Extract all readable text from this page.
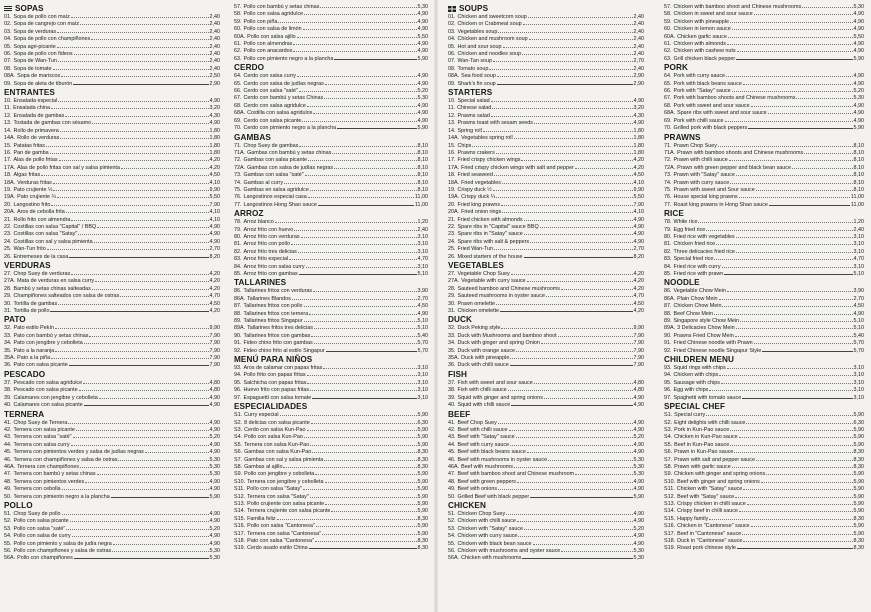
SOPAS
01. Sopa de pollo con maíz	2,40
02. Sopa de cangrejo con maíz	2,40
03. Sopa de verduras	2,40
04. Sopa de pollo con champiñones	2,40
05. Sopa agri-picante	2,40
06. Sopa de pollo con fideos	2,40
07. Sopa de Wan-Tun	2,40
08. Sopa de tomate	2,40
08A. Sopa de mariscos	2,50
09. Sopa de aleta de tiburón	2,90
ENTRANTES
10. Ensalada especial	4,90
11. Ensalada china	3,20
12. Ensalada de gambas	4,30
13. Tostada de gambas con sésamo	4,90
14. Rollo de primavera	1,80
14A. Rollo de verduras	1,80
15. Patatas fritas	1,80
16. Pan de gamba	1,80
17. Alas de pollo fritas	4,20
17A. Alas de pollo fritas con sal y salsa pimienta	4,20
18. Algas fritas	4,50
18A. Verduras fritas	4,10
19. Pato crujiente ½	9,90
19A. Pato crujiente ¼	5,50
20. Langostino frito	7,90
20A. Aros de cebolla frita	4,10
21. Rollo frito con almendra	4,10
22. Costillas con salsa "Capital" / BBQ	4,90
23. Costillas con salsa "Satay"	4,90
24. Costillas con sal y salsa pimienta	4,90
25. Wan-Tun frito	2,70
26. Entremeses de la casa	8,20
VERDURAS
27. Chop Suey de verduras	4,20
27A. Mata de verduras en salsa curry	4,20
28. Bambú y setas chinas salteadas	4,20
29. Champiñones salteados con salsa de ostras	4,70
30. Tortilla de gambas	4,50
31. Tortilla de pollo	4,20
PATO
32. Pato estilo Pekín	9,90
33. Pato con bambú y setas chinas	7,90
34. Pato con jengibre y cebolleta	7,90
35. Pato a la naranja	7,90
35A. Pato a la piña	7,90
36. Pato con salsa picante	7,90
PESCADO
37. Pescado con salsa agridulce	4,80
38. Pescado con salsa picante	4,80
39. Calamares con jengibre y cebolleta	4,90
40. Calamares con salsa picante	4,90
TERNERA
41. Chop Suey de Ternera	4,90
42. Ternera con salsa picante	4,90
43. Ternera con salsa "saté"	5,20
44. Ternera con salsa curry	4,90
45. Ternera con pimientos verdes y salsa de judías negras	4,90
46. Ternera con champiñones y salsa de ostras	5,30
46A. Ternera con champiñones	5,30
47. Ternera con bambú y setas chinas	5,30
48. Ternera con pimientos verdes	4,90
49. Ternera con cebolla	4,90
50. Ternera con pimiento negro a la plancha	5,90
POLLO
51. Chop Suey de pollo	4,90
52. Pollo con salsa picante	4,90
53. Pollo con salsa "saté"	5,20
54. Pollo con salsa de curry	4,90
55. Pollo con pimiento y salsa de judía negra	4,90
56. Pollo con champiñones y salsa de ostras	5,30
56A. Pollo con champiñones	5,30
57. Pollo con bambú y setas chinas	5,30
58. Pollo con salsa agridulce	4,90
59. Pollo con piña	4,90
60. Pollo con salsa de limón	4,90
60A. Pollo con salsa ajillo	5,50
61. Pollo con almendras	4,90
62. Pollo con anacardos	4,90
63. Pollo con pimiento negro a la plancha	5,90
CERDO
64. Cerdo con salsa curry	4,90
65. Cerdo con salsa de judías negras	4,90
66. Cerdo con salsa "saté"	5,20
67. Cerdo con bambú y setas Chinas	5,30
68. Cerdo con salsa agridulce	4,90
68A. Costilla con salsa agridulce	4,90
69. Cerdo con salsa picante	4,90
70. Cerdo con pimiento negro a la plancha	5,90
GAMBAS
71. Chop Suey de gambas	8,10
71A. Gambas con bambú y setas chinas	8,10
72. Gambas con salsa picante	8,10
72A. Gambas con salsa de judías negras	8,10
73. Gambas con salsa "saté"	8,10
74. Gambas al curry	8,10
75. Gambas en salsa agridulce	8,10
76. Langostinos especial casa	11,00
77. Langostinos Hong Shao sauce	11,00
ARROZ
78. Arroz blanco	1,20
79. Arroz frito con huevo	2,40
80. Arroz frito con verduras	3,10
81. Arroz frito con pollo	3,10
82. Arroz frito tres delicias	3,10
83. Arroz frito especial	4,70
84. Arroz frito con salsa curry	3,10
85. Arroz frito con gambas	5,10
TALLARINES
86. Tallarines fritos con verduras	3,90
86A. Tallarines Blandos	2,70
87. Tallarines fritos con pollo	4,50
88. Tallarines fritos con ternera	4,90
89. Tallarines fritos Singapur	5,10
89A. Tallarines fritos tres delicias	5,10
90. Tallarines fritos con gambas	5,40
91. Fideo chino frito con gambas	5,70
92. Fideo chino frito al estilo Singapur	5,70
MENÚ PARA NIÑOS
93. Aros de calamar con papas fritas	3,10
94. Pollo frito con papas fritas	3,10
95. Salchicha con papas fritas	3,10
96. Huevo frito con papas fritas	3,10
97. Espaguetti con salsa tomate	3,10
ESPECIALIDADES
S1. Curry especial	5,90
S2. 8 delicias con salsa picante	6,30
S3. Cerdo con salsa Kun-Pao	5,90
S4. Pollo con salsa Kun-Pao	5,90
S5. Ternera con salsa Kun-Pao	5,90
S6. Gambas con salsa Kun-Pao	8,30
S7. Gambas con sal y salsa pimienta	8,30
S8. Gambas al ajillo	8,30
S9. Pollo con jengibre y cebolleta	5,90
S10. Ternera con jengibre y cebolleta	5,90
S11. Pollo con salsa "Satay"	5,90
S12. Ternera con salsa "Satay"	5,90
S13. Pollo crujiente con salsa picante	5,90
S14. Ternera crujiente con salsa picante	5,90
S15. Familia feliz	8,30
S16. Pollo con salsa "Cantonesa"	5,90
S17. Ternera con salsa "Cantonesa"	5,90
S18. Pato con salsa "Cantonesa"	8,30
S19. Cerdo asado estilo China	8,30
SOUPS
01. Chicken and sweetcorn soup	2,40
02. Chicken or Crabmeat soup	2,40
03. Vegetables soup	2,40
04. Chicken and mushroom soup	2,40
05. Hot and sour soup	2,40
06. Chicken and noodles soup	2,40
07. Wan-Tan soup	2,70
08. Tomato soup	2,40
08A. Sea food soup	2,90
09. Shark's fin soup	2,90
STARTERS
10. Special salad	4,90
11. Chinese salad	3,20
12. Prawns salad	4,30
13. Prawns toast with sesam seeds	4,90
14. Spring roll	1,80
14A. Vegetables spring roll	1,80
15. Chips	1,80
16. Prawns crakers	1,80
17. Fried crispy chicken wings	4,20
17A. Fried crispy chicken wings with salt and pepper	4,20
18. Fried seaweed	4,50
18A. Fried vegetables	4,10
19. Crispy duck ½	9,90
19A. Crispy duck ¼	5,50
20. Fried king prawns	7,90
20A. Fried onion rings	4,10
21. Fried chicken with almonds	4,90
22. Spare ribs in "Capital" sauce BBQ	4,90
23. Spare ribs in "Satay" sauce	4,90
24. Spare ribs with salt & peppers	4,90
25. Fried Wan-Tun	2,70
26. Mixed starters of the house	8,20
VEGETABLES
27. Vegetable Chop Suey	4,20
27A. Vegetable with curry sauce	4,20
28. Sauteed bamboo and Chinese mushrooms	4,20
29. Sauteed mushrooms in oyster sauce	4,70
30. Prawn omelette	4,50
31. Chicken omelette	4,20
DUCK
32. Duck Peking style	9,90
33. Duck with Mushrooms and bamboo shoot	7,90
34. Duck with ginger and spring Onion	7,90
35. Duck with orange sauce	7,90
35A. Duck with pineapple	7,90
36. Duck with chilli sauce	7,90
FISH
37. Fish with sweet and sour sauce	4,80
38. Fish with chilli sauce	4,80
39. Squid with ginger and spring onions	4,90
40. Squid with chilli sauce	4,90
BEEF
41. Beef Chop Suey	4,90
42. Beef with chilli sauce	4,90
43. Beef with "Satay" sauce	5,20
44. Beef with curry sauce	4,90
45. Beef with black beans sauce	4,90
46. Beef with mushrooms in oyster sauce	5,30
46A. Beef with mushrooms	5,30
47. Beef with bamboo shoot and Chinese mushroom	5,30
48. Beef with green peppers	4,90
49. Beef with onions	4,90
50. Grilled Beef with black pepper	5,90
CHICKEN
51. Chicken Chop Suey	4,90
52. Chicken with chilli sauce	4,90
53. Chicken with "Satay" sauce	5,20
54. Chicken with curry sauce	4,90
55. Chicken with black bean sauce	4,90
56. Chicken with mushrooms and oyster sauce	5,30
56A. Chicken with mushrooms	5,30
57. Chicken with bamboo shoot and Chinese mushrooms	5,30
58. Chicken in sweet and sour sauce	4,90
59. Chicken with pineapple	4,90
60. Chicken in lemon sauce	4,90
60A. Chicken garlic sauce	5,50
61. Chicken with almonds	4,90
62. Chicken with cashew nuts	4,90
63. Grill chicken black pepper	5,90
PORK
64. Pork with curry sauce	4,90
65. Pork with black beans sauce	4,90
66. Pork with "Satay" sauce	5,20
67. Pork with bamboo shoots and Chinese mushrooms	5,30
68. Pork with sweet and sour sauce	4,90
68A. Spare ribs with sweet and sour sauce	4,90
69. Pork with chilli sauce	4,90
70. Grilled pork with black peppers	5,90
PRAWNS
71. Prawn Chop Suey	8,10
71A. Prawn with bamboo shoots and Chinese mushrooms	8,10
72. Prawn with chilli sauce	8,10
72A. Prawn with green pepper and black bean sauce	8,10
73. Prawn with "Satay" sauce	8,10
74. Prawn with curry sauce	8,10
75. Prawn with sweet and Sour sauce	8,10
76. House special king prawns	11,00
77. Roast king prawns in Hong Shao sauce	11,00
RICE
78. White rice	1,20
79. Egg fried rice	2,40
80. Fried rice with vegetables	3,10
81. Chicken fried rice	3,10
82. Three delicacies fried rice	3,10
83. Special fried rice	4,70
84. Fried rice with curry	3,10
85. Fried rice with prawn	5,10
NOODLE
86. Vegetable Chow Mein	3,90
86A. Plain Chow Mein	2,70
87. Chicken Chow Mein	4,50
88. Beef Chow Mein	4,90
89. Singapore style Chow Mein	5,10
89A. 3 Delicacies Chow Mein	5,10
90. Prawns Fried Chow Mein	5,40
91. Fried Chinese noodle with Prawn	5,70
92. Fried Chinese noodle Singapur Style	5,70
CHILDREN MENU
93. Squid rings with chips	3,10
94. Chicken with chips	3,10
95. Sausage with chips	3,10
96. Egg with chips	3,10
97. Spaghetti with tomato sauce	3,10
SPECIAL CHEF
S1. Special curry	5,90
S2. Eight delights with chilli sauce	6,30
S3. Pork in Kun-Pao sauce	5,90
S4. Chicken in Kun-Pao sauce	5,90
S5. Beef in Kun-Pao sauce	5,90
S6. Prawn in Kun-Pao sauce	8,30
S7. Prawn with salt and pepper sauce	8,30
S8. Prawn with garlic sauce	8,30
S9. Chicken with ginger and spring onions	5,90
S10. Beef with ginger and spring onions	5,90
S11. Chicken with "Satay" sauce	5,90
S12. Beef with "Satay" sauce	5,90
S13. Crispy chicken in chilli sauce	5,90
S14. Crispy beef in chilli sauce	5,90
S15. Happy family	8,30
S16. Chicken in "Cantonese" sauce	5,90
S17. Beef in "Cantonese" sauce	5,90
S18. Duck in "Cantonese" sauce	8,30
S19. Roast pork chinese style	8,30
